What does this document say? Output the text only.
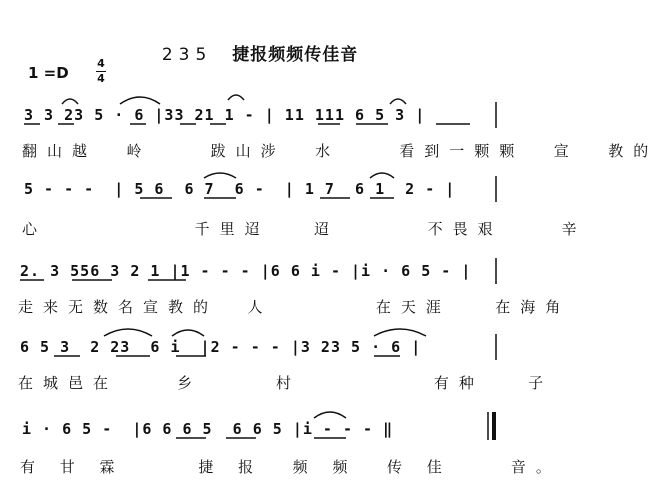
235 捷报频频传佳音

1 =D
4
4
3 3 23 5 · 6 |33 21 1 - | 11 111 6 5 3 |
翻山越  岭    跋山涉  水    看到一颗颗  宣  教的
5 - - -  | 5 6  6 7  6 -  | 1 7  6 1  2 - |
心          千里迢   迢      不畏艰    辛
2. 3 556 3 2 1 |1 - - - |6 6 i - |i · 6 5 - |
走来无数名宣教的  人       在天涯   在海角
6 5 3  2 23  6 i  |2 - - - |3 23 5 · 6 |
在城邑在    乡     村         有种   子
i · 6 5 -  |6 6 6 5  6 6 5 |i - - - ‖
有 甘 霖     捷 报  频 频  传 佳    音。
